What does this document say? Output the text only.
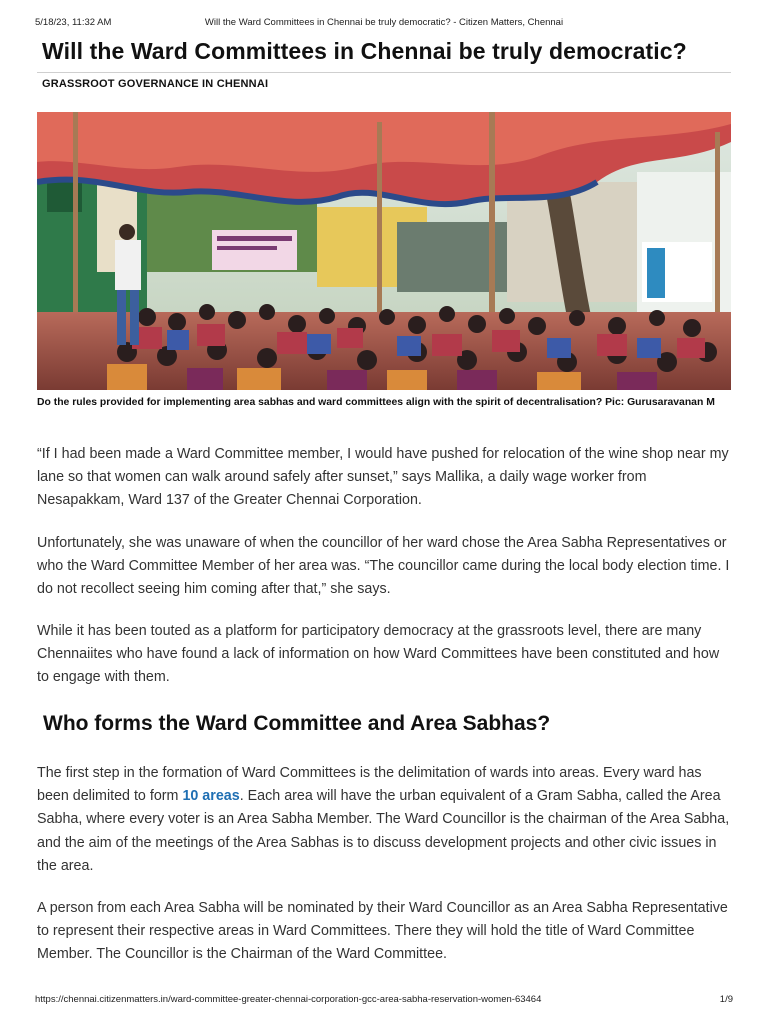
5/18/23, 11:32 AM	Will the Ward Committees in Chennai be truly democratic? - Citizen Matters, Chennai
Will the Ward Committees in Chennai be truly democratic?
GRASSROOT GOVERNANCE IN CHENNAI
Do the rules provided for implementing area sabhas and ward committees align with the spirit of decentralisation? Pic: Gurusaravanan M

“If I had been made a Ward Committee member, I would have pushed for relocation of the wine shop near my lane so that women can walk around safely after sunset,” says Mallika, a daily wage worker from Nesapakkam, Ward 137 of the Greater Chennai Corporation.

Unfortunately, she was unaware of when the councillor of her ward chose the Area Sabha Representatives or who the Ward Committee Member of her area was. “The councillor came during the local body election time. I do not recollect seeing him coming after that,” she says.

While it has been touted as a platform for participatory democracy at the grassroots level, there are many Chennaiites who have found a lack of information on how Ward Committees have been constituted and how to engage with them.

Who forms the Ward Committee and Area Sabhas?

The first step in the formation of Ward Committees is the delimitation of wards into areas. Every ward has been delimited to form 10 areas. Each area will have the urban equivalent of a Gram Sabha, called the Area Sabha, where every voter is an Area Sabha Member. The Ward Councillor is the chairman of the Area Sabha, and the aim of the meetings of the Area Sabhas is to discuss development projects and other civic issues in the area.

A person from each Area Sabha will be nominated by their Ward Councillor as an Area Sabha Representative to represent their respective areas in Ward Committees. There they will hold the title of Ward Committee Member. The Councillor is the Chairman of the Ward Committee.

https://chennai.citizenmatters.in/ward-committee-greater-chennai-corporation-gcc-area-sabha-reservation-women-63464	1/9
